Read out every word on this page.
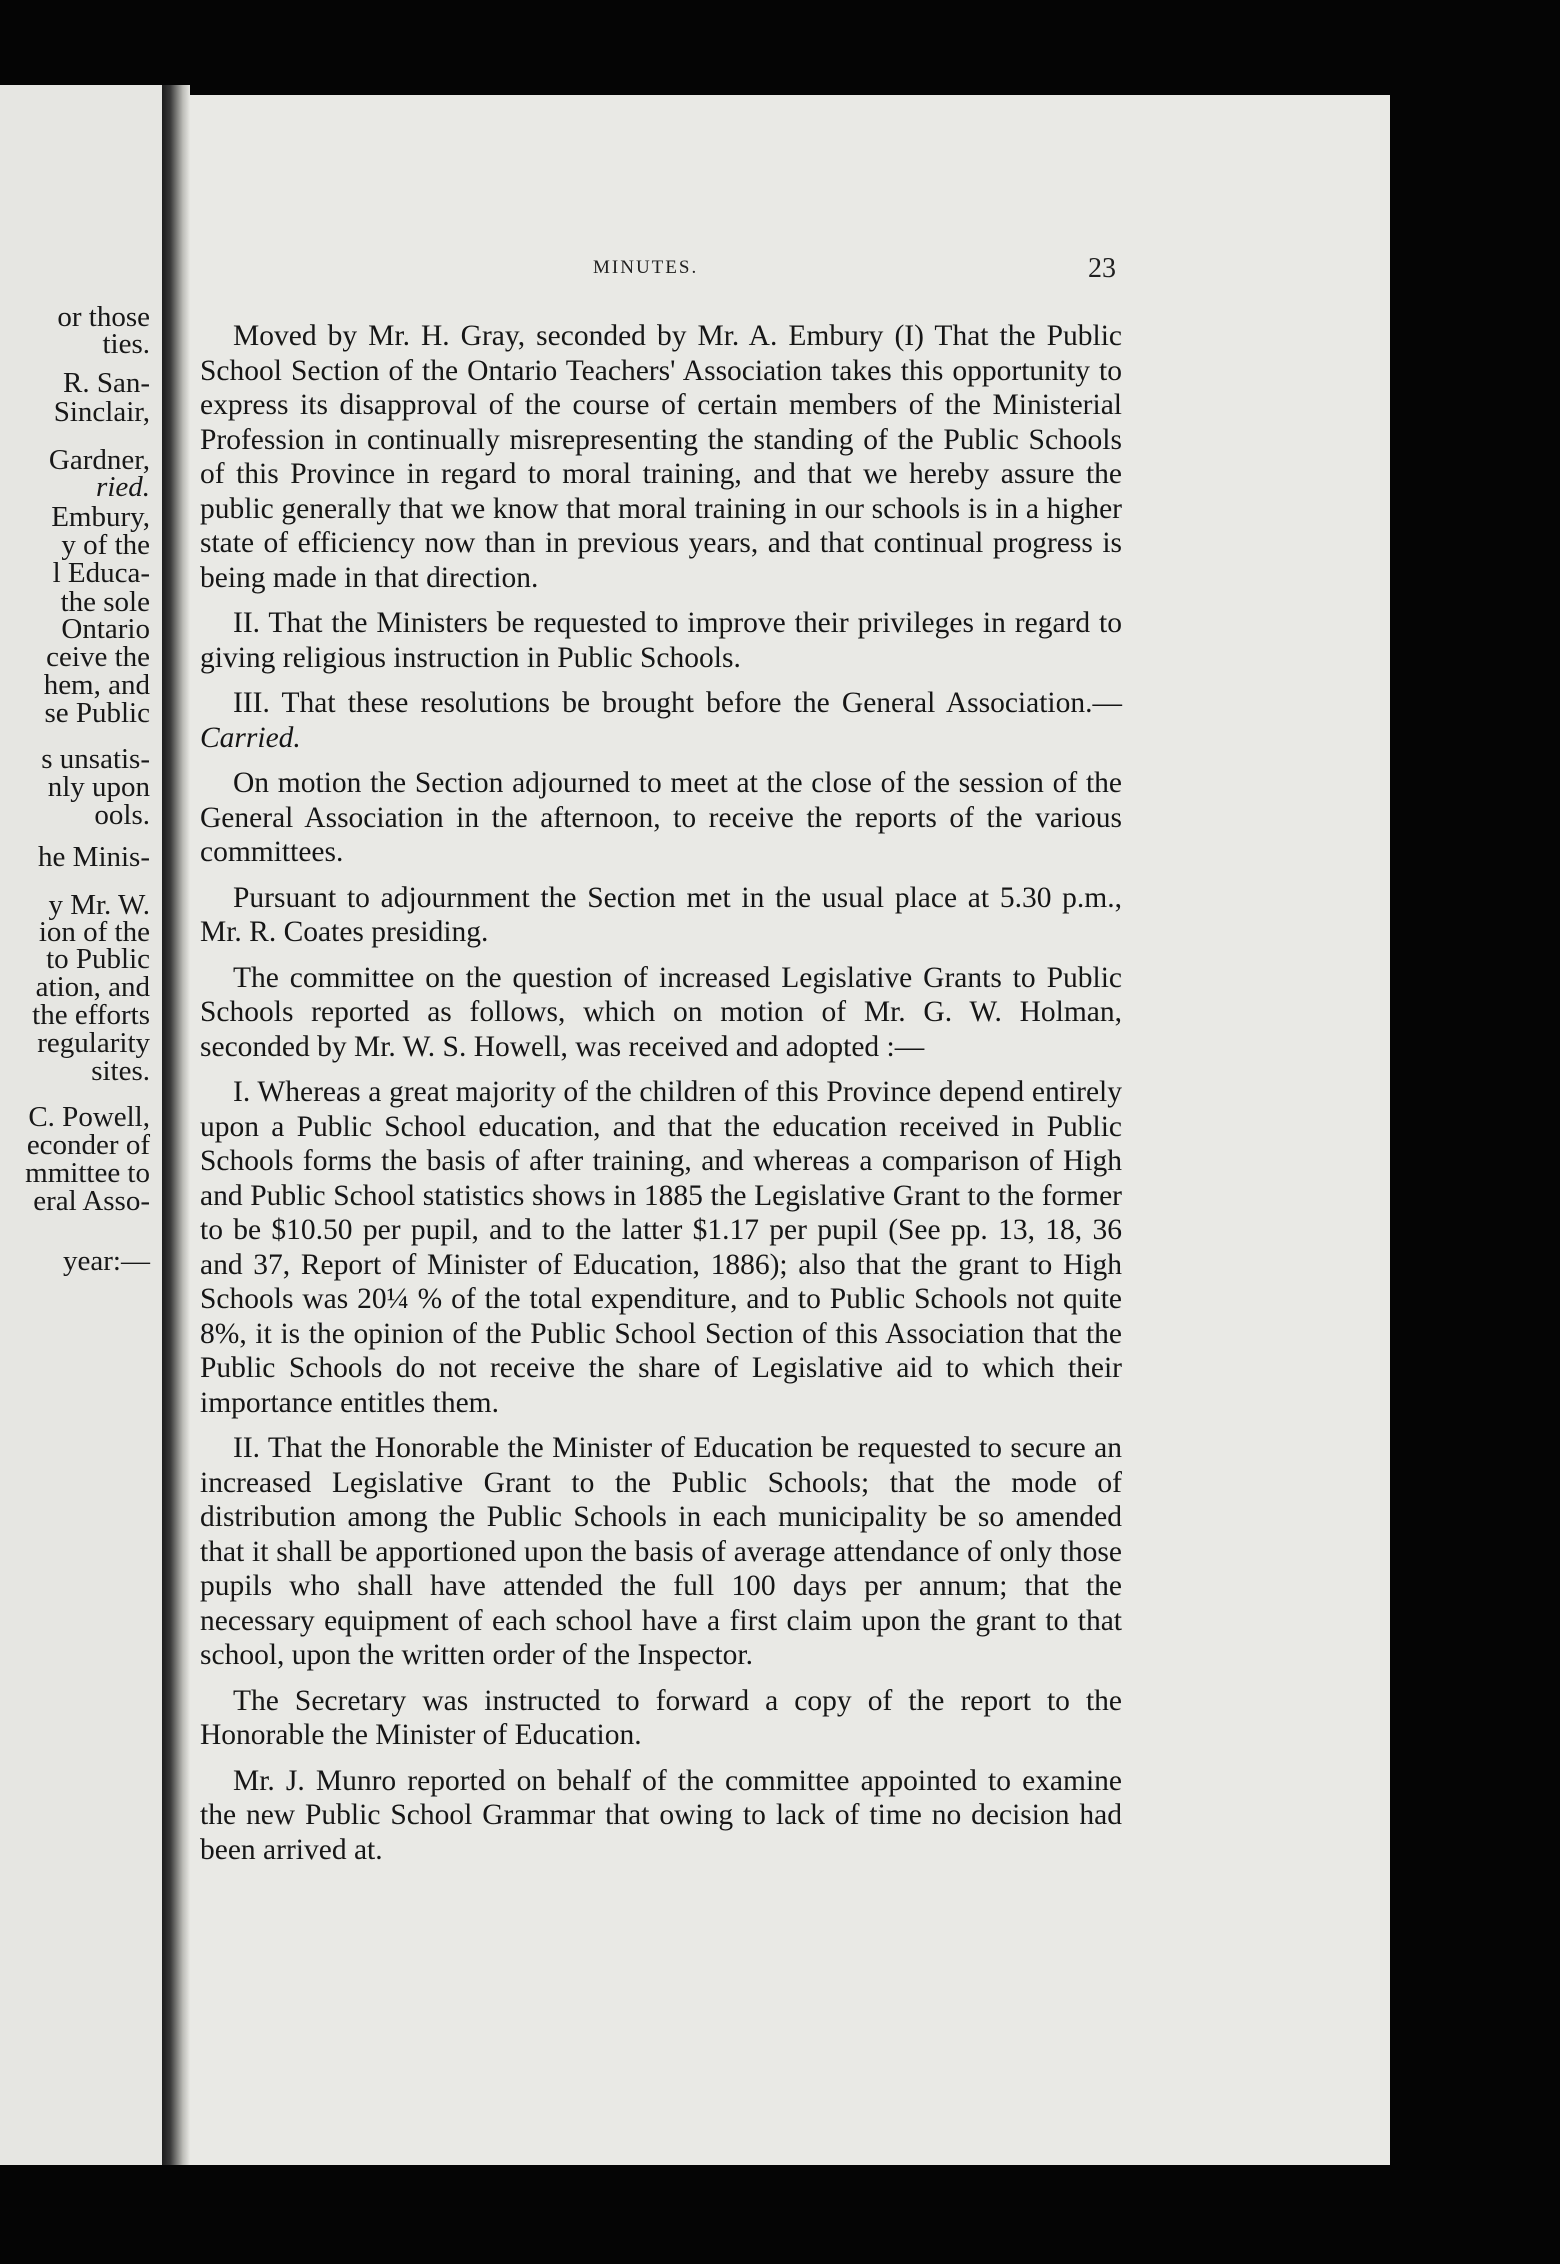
or those
ties.
R. San-
Sinclair,
Gardner,
ried.
Embury,
y of the
l Educa-
the sole
Ontario
ceive the
hem, and
se Public
s unsatis-
nly upon
ools.
he Minis-
y Mr. W.
ion of the
to Public
ation, and
the efforts
regularity
sites.
C. Powell,
econder of
mmittee to
eral Asso-
year:—
MINUTES.	23

Moved by Mr. H. Gray, seconded by Mr. A. Embury (I) That the Public School Section of the Ontario Teachers' Association takes this opportunity to express its disapproval of the course of certain members of the Ministerial Profession in continually misrepresenting the standing of the Public Schools of this Province in regard to moral training, and that we hereby assure the public generally that we know that moral training in our schools is in a higher state of efficiency now than in previous years, and that continual progress is being made in that direction.

II. That the Ministers be requested to improve their privileges in regard to giving religious instruction in Public Schools.

III. That these resolutions be brought before the General Association.—Carried.

On motion the Section adjourned to meet at the close of the session of the General Association in the afternoon, to receive the reports of the various committees.

Pursuant to adjournment the Section met in the usual place at 5.30 p.m., Mr. R. Coates presiding.

The committee on the question of increased Legislative Grants to Public Schools reported as follows, which on motion of Mr. G. W. Holman, seconded by Mr. W. S. Howell, was received and adopted :—

I. Whereas a great majority of the children of this Province depend entirely upon a Public School education, and that the education received in Public Schools forms the basis of after training, and whereas a comparison of High and Public School statistics shows in 1885 the Legislative Grant to the former to be $10.50 per pupil, and to the latter $1.17 per pupil (See pp. 13, 18, 36 and 37, Report of Minister of Education, 1886); also that the grant to High Schools was 20¼ % of the total expenditure, and to Public Schools not quite 8%, it is the opinion of the Public School Section of this Association that the Public Schools do not receive the share of Legislative aid to which their importance entitles them.

II. That the Honorable the Minister of Education be requested to secure an increased Legislative Grant to the Public Schools; that the mode of distribution among the Public Schools in each municipality be so amended that it shall be apportioned upon the basis of average attendance of only those pupils who shall have attended the full 100 days per annum; that the necessary equipment of each school have a first claim upon the grant to that school, upon the written order of the Inspector.

The Secretary was instructed to forward a copy of the report to the Honorable the Minister of Education.

Mr. J. Munro reported on behalf of the committee appointed to examine the new Public School Grammar that owing to lack of time no decision had been arrived at.
